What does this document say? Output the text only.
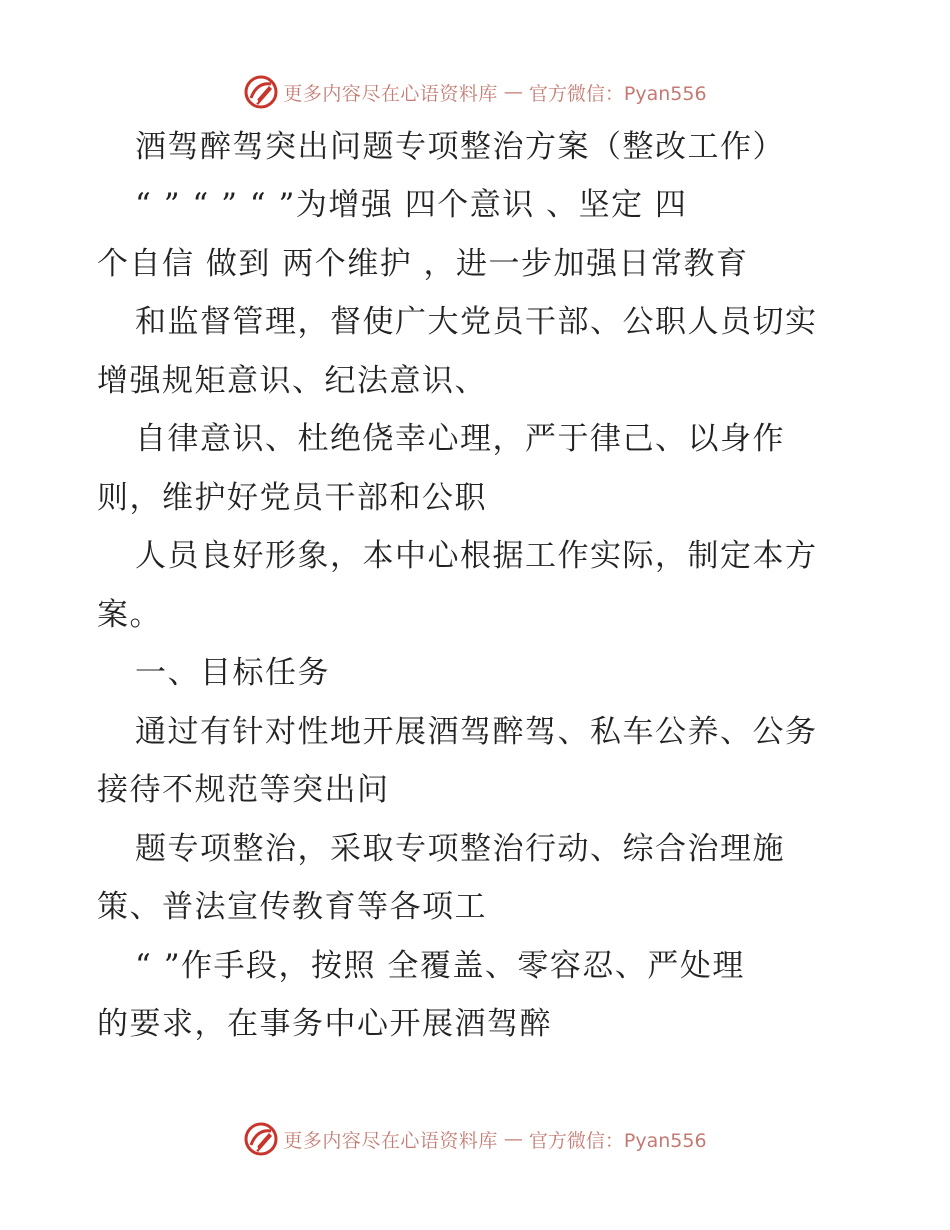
更多内容尽在心语资料库 — 官方微信：Pyan556
酒驾醉驾突出问题专项整治方案（整改工作）
“ ” “ ” “ ”为增强 四个意识 、坚定 四
个自信 做到 两个维护 ，进一步加强日常教育
和监督管理，督使广大党员干部、公职人员切实
增强规矩意识、纪法意识、
自律意识、杜绝侥幸心理，严于律己、以身作
则，维护好党员干部和公职
人员良好形象，本中心根据工作实际，制定本方
案。
一、目标任务
通过有针对性地开展酒驾醉驾、私车公养、公务
接待不规范等突出问
题专项整治，采取专项整治行动、综合治理施
策、普法宣传教育等各项工
“ ”作手段，按照 全覆盖、零容忍、严处理
的要求，在事务中心开展酒驾醉
更多内容尽在心语资料库 — 官方微信：Pyan556
